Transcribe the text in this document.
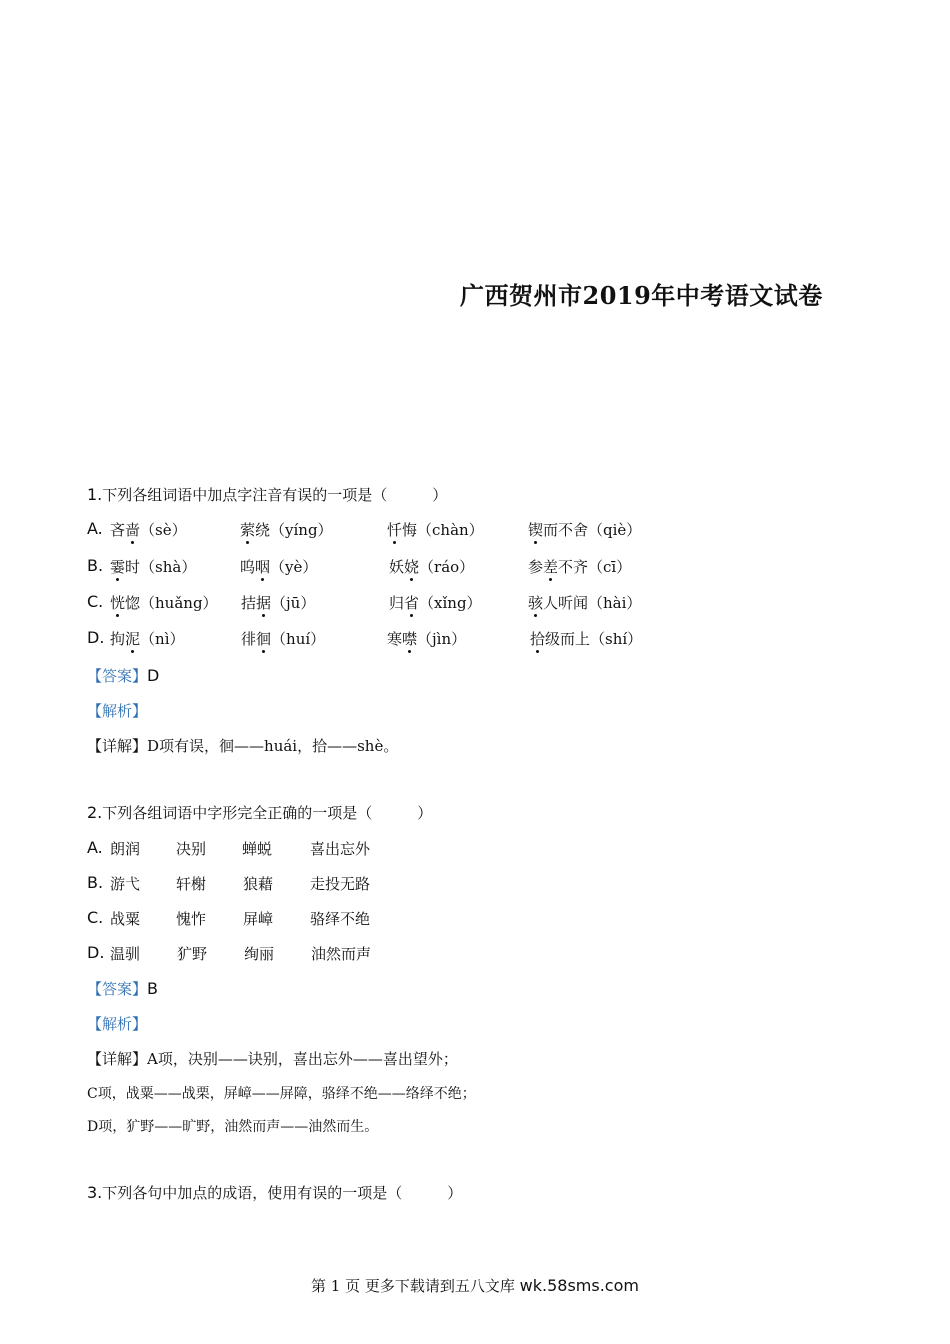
广西贺州市2019年中考语文试卷
1.下列各组词语中加点字注音有误的一项是（　　　）
A. 吝啬（sè）	萦绕（yíng）	忏悔（chàn）	锲而不舍（qiè）
B. 霎时（shà）	呜咽（yè）	妖娆（ráo）	参差不齐（cī）
C. 恍惚（huǎng） 拮据（jū）	归省（xǐng）	骇人听闻（hài）
D. 拘泥（nì）	徘徊（huí）	寒噤（jìn）	拾级而上（shí）
【答案】D
【解析】
【详解】D项有误，徊——huái，拾——shè。
2.下列各组词语中字形完全正确的一项是（　　　）
A. 朗润 决别 蝉蜕	喜出忘外
B. 游弋 轩榭 狼藉 走投无路
C. 战粟 愧怍 屏嶂 骆绎不绝
D. 温驯 犷野 绚丽 油然而声
【答案】B
【解析】
【详解】A项，决别——诀别，喜出忘外——喜出望外；
C项，战粟——战栗，屏嶂——屏障，骆绎不绝——络绎不绝；
D项，犷野——旷野，油然而声——油然而生。
3.下列各句中加点的成语，使用有误的一项是（　　　）
第 1 页 更多下载请到五八文库 wk.58sms.com
